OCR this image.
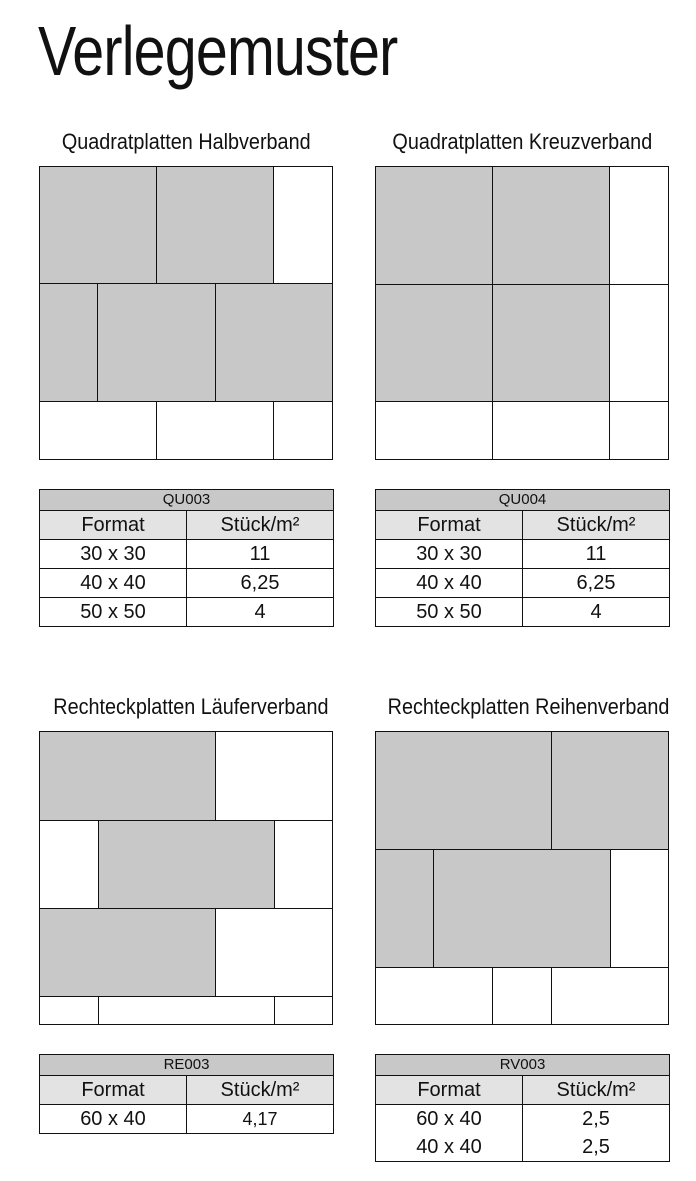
Verlegemuster
Quadratplatten Halbverband
QU003	
Format	Stück/m²
30 x 30	11
40 x 40	6,25
50 x 50	4
Quadratplatten Kreuzverband
QU004	
Format	Stück/m²
30 x 30	11
40 x 40	6,25
50 x 50	4
Rechteckplatten Läuferverband
RE003	
Format	Stück/m²
60 x 40	4,17
Rechteckplatten Reihenverband
RV003	
Format	Stück/m²
60 x 40	2,5
40 x 40	2,5
